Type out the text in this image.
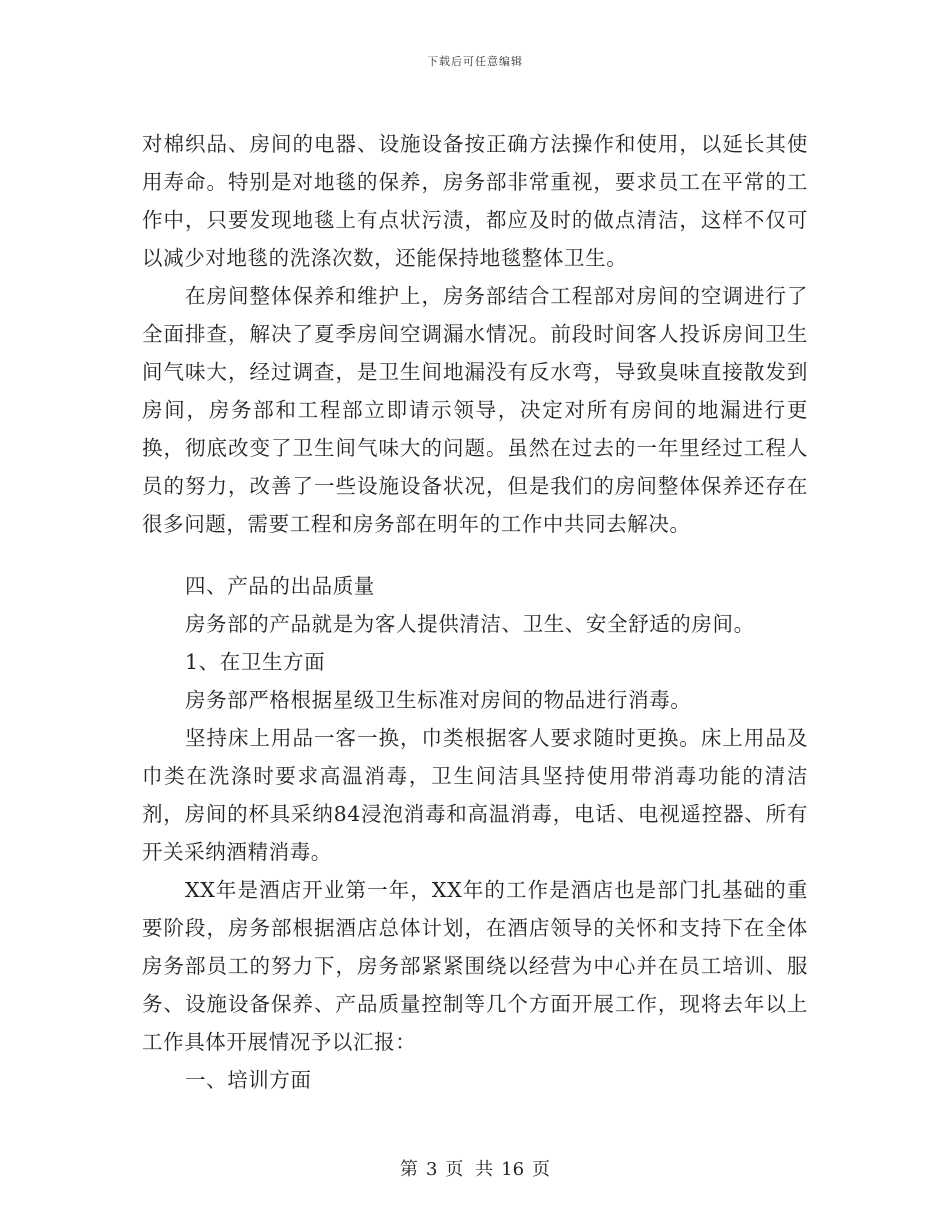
下载后可任意编辑

对棉织品、房间的电器、设施设备按正确方法操作和使用，以延长其使用寿命。特别是对地毯的保养，房务部非常重视，要求员工在平常的工作中，只要发现地毯上有点状污渍，都应及时的做点清洁，这样不仅可以减少对地毯的洗涤次数，还能保持地毯整体卫生。

在房间整体保养和维护上，房务部结合工程部对房间的空调进行了全面排查，解决了夏季房间空调漏水情况。前段时间客人投诉房间卫生间气味大，经过调查，是卫生间地漏没有反水弯，导致臭味直接散发到房间，房务部和工程部立即请示领导，决定对所有房间的地漏进行更换，彻底改变了卫生间气味大的问题。虽然在过去的一年里经过工程人员的努力，改善了一些设施设备状况，但是我们的房间整体保养还存在很多问题，需要工程和房务部在明年的工作中共同去解决。

四、产品的出品质量

房务部的产品就是为客人提供清洁、卫生、安全舒适的房间。

1、在卫生方面

房务部严格根据星级卫生标准对房间的物品进行消毒。

坚持床上用品一客一换，巾类根据客人要求随时更换。床上用品及巾类在洗涤时要求高温消毒，卫生间洁具坚持使用带消毒功能的清洁剂，房间的杯具采纳84浸泡消毒和高温消毒，电话、电视遥控器、所有开关采纳酒精消毒。

XX年是酒店开业第一年，XX年的工作是酒店也是部门扎基础的重要阶段，房务部根据酒店总体计划，在酒店领导的关怀和支持下在全体房务部员工的努力下，房务部紧紧围绕以经营为中心并在员工培训、服务、设施设备保养、产品质量控制等几个方面开展工作，现将去年以上工作具体开展情况予以汇报：

一、培训方面

第 3 页 共 16 页
